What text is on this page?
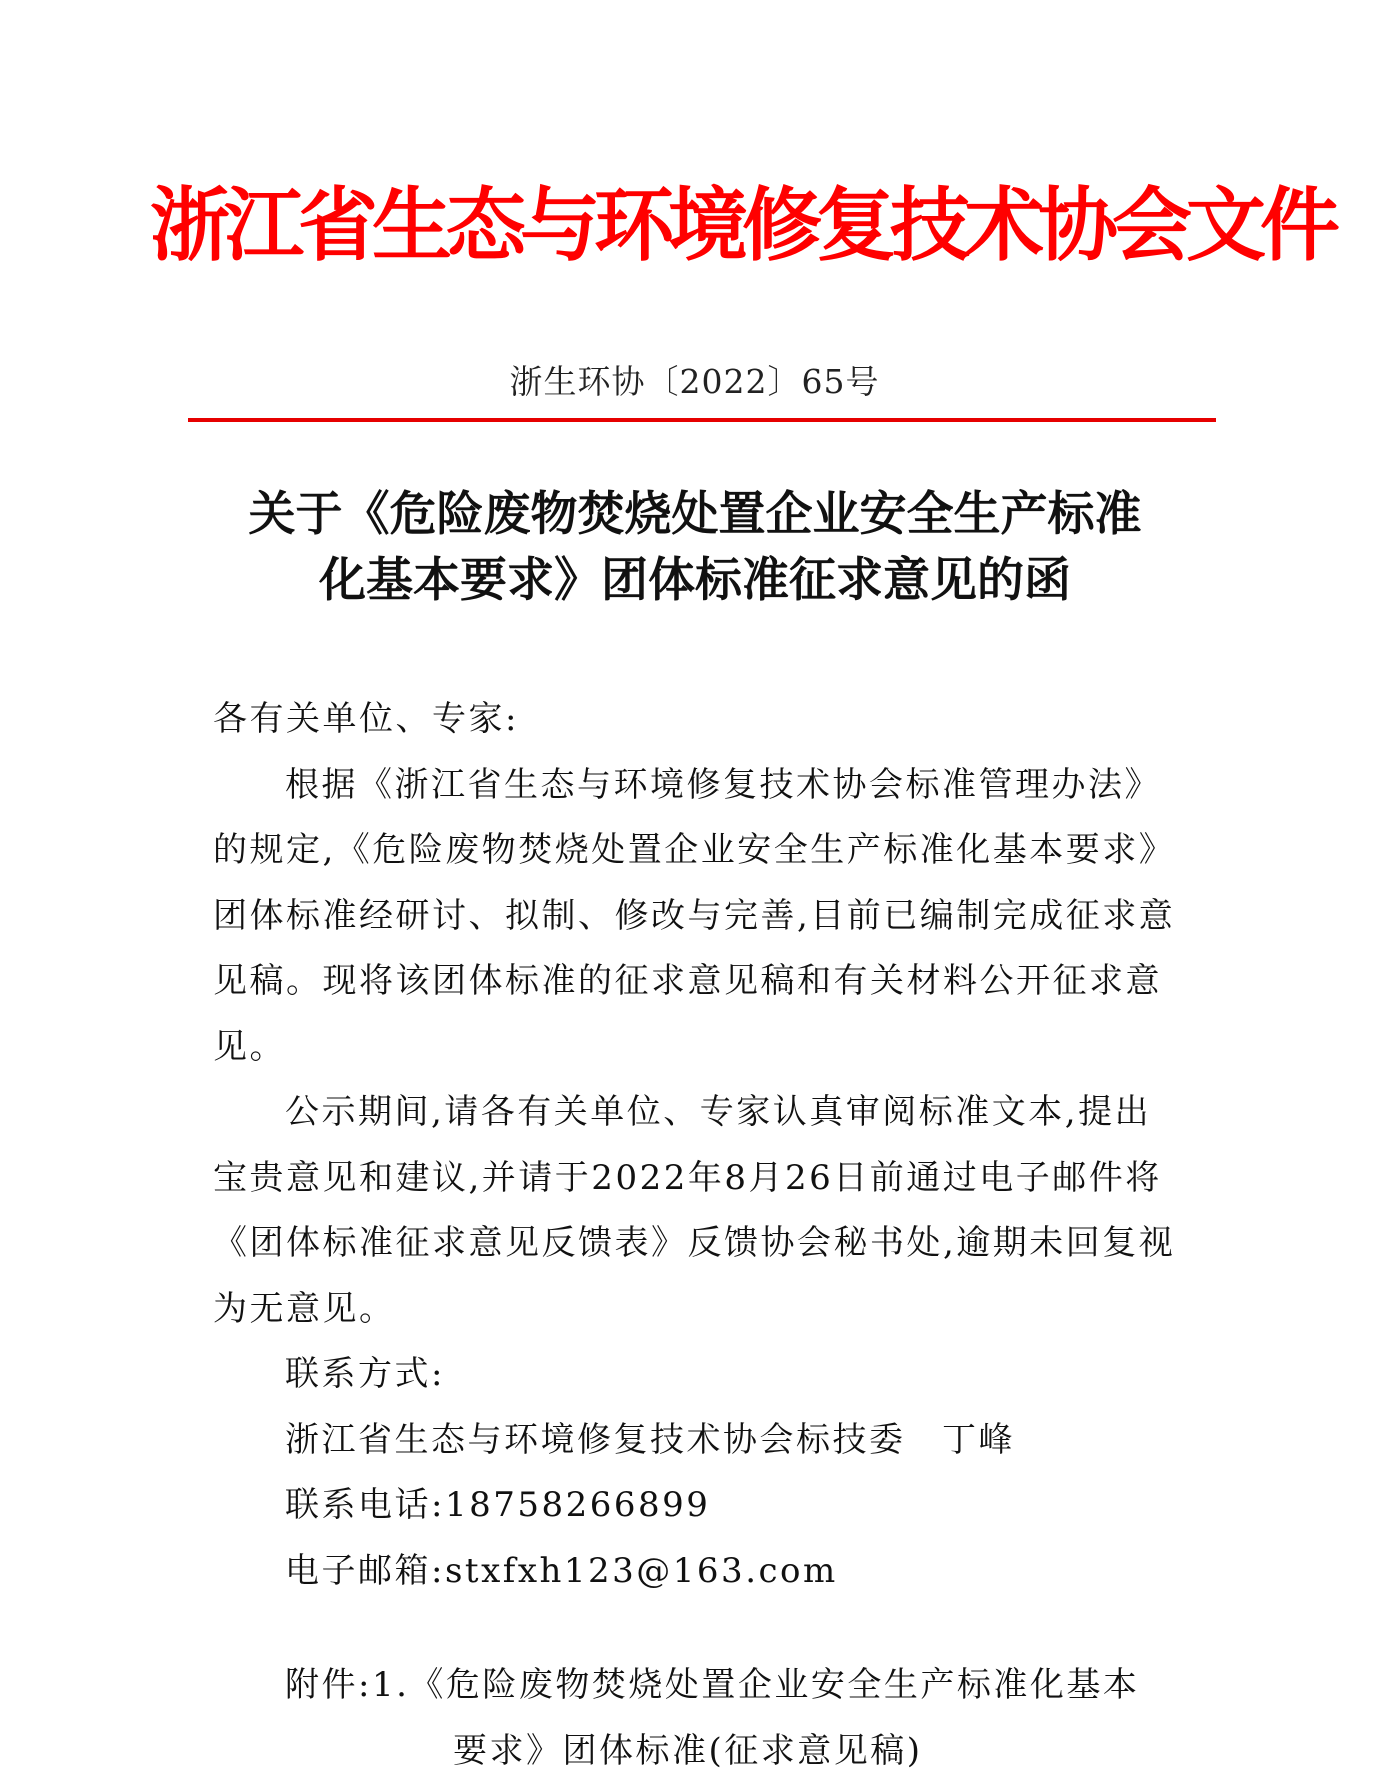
浙江省生态与环境修复技术协会文件
浙生环协〔2022〕65号
关于《危险废物焚烧处置企业安全生产标准
化基本要求》团体标准征求意见的函

各有关单位、专家:

根据《浙江省生态与环境修复技术协会标准管理办法》的规定,《危险废物焚烧处置企业安全生产标准化基本要求》团体标准经研讨、拟制、修改与完善,目前已编制完成征求意见稿。现将该团体标准的征求意见稿和有关材料公开征求意见。

公示期间,请各有关单位、专家认真审阅标准文本,提出宝贵意见和建议,并请于2022年8月26日前通过电子邮件将《团体标准征求意见反馈表》反馈协会秘书处,逾期未回复视为无意见。

联系方式:

浙江省生态与环境修复技术协会标技委　丁峰

联系电话:18758266899

电子邮箱:stxfxh123@163.com

附件:1.《危险废物焚烧处置企业安全生产标准化基本

要求》团体标准(征求意见稿)
